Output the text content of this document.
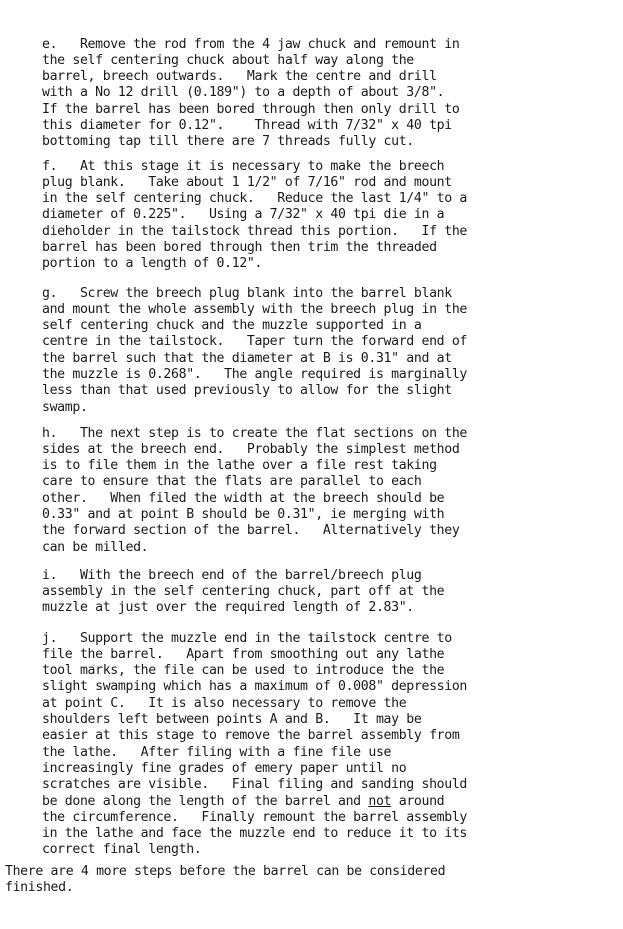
e.   Remove the rod from the 4 jaw chuck and remount in
the self centering chuck about half way along the
barrel, breech outwards.   Mark the centre and drill
with a No 12 drill (0.189") to a depth of about 3/8".
If the barrel has been bored through then only drill to
this diameter for 0.12".    Thread with 7/32" x 40 tpi
bottoming tap till there are 7 threads fully cut.

f.   At this stage it is necessary to make the breech
plug blank.   Take about 1 1/2" of 7/16" rod and mount
in the self centering chuck.   Reduce the last 1/4" to a
diameter of 0.225".   Using a 7/32" x 40 tpi die in a
dieholder in the tailstock thread this portion.   If the
barrel has been bored through then trim the threaded
portion to a length of 0.12".

g.   Screw the breech plug blank into the barrel blank
and mount the whole assembly with the breech plug in the
self centering chuck and the muzzle supported in a
centre in the tailstock.   Taper turn the forward end of
the barrel such that the diameter at B is 0.31" and at
the muzzle is 0.268".   The angle required is marginally
less than that used previously to allow for the slight
swamp.

h.   The next step is to create the flat sections on the
sides at the breech end.   Probably the simplest method
is to file them in the lathe over a file rest taking
care to ensure that the flats are parallel to each
other.   When filed the width at the breech should be
0.33" and at point B should be 0.31", ie merging with
the forward section of the barrel.   Alternatively they
can be milled.

i.   With the breech end of the barrel/breech plug
assembly in the self centering chuck, part off at the
muzzle at just over the required length of 2.83".

j.   Support the muzzle end in the tailstock centre to
file the barrel.   Apart from smoothing out any lathe
tool marks, the file can be used to introduce the the
slight swamping which has a maximum of 0.008" depression
at point C.   It is also necessary to remove the
shoulders left between points A and B.   It may be
easier at this stage to remove the barrel assembly from
the lathe.   After filing with a fine file use
increasingly fine grades of emery paper until no
scratches are visible.   Final filing and sanding should
be done along the length of the barrel and not around
the circumference.   Finally remount the barrel assembly
in the lathe and face the muzzle end to reduce it to its
correct final length.

There are 4 more steps before the barrel can be considered
finished.
